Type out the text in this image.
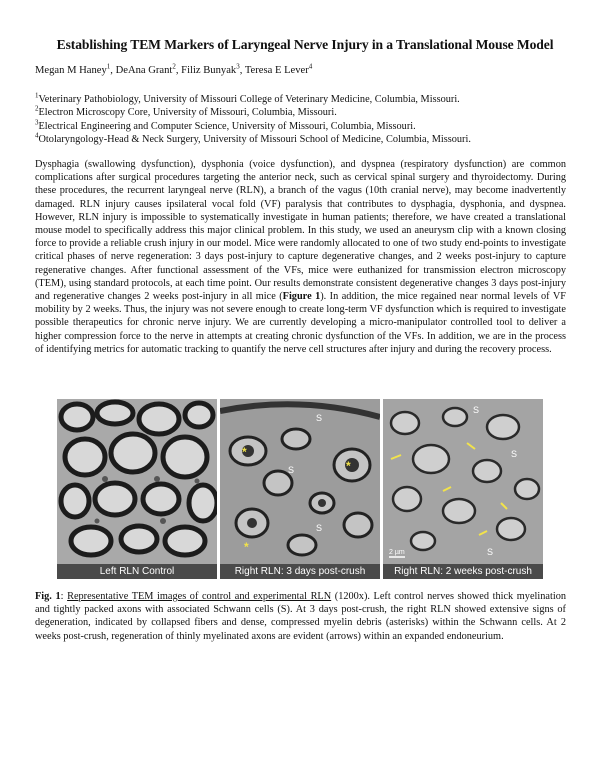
Establishing TEM Markers of Laryngeal Nerve Injury in a Translational Mouse Model

Megan M Haney$^1$, DeAna Grant$^2$, Filiz Bunyak$^3$, Teresa E Lever$^4$

$^1$Veterinary Pathobiology, University of Missouri College of Veterinary Medicine, Columbia, Missouri.
$^2$Electron Microscopy Core, University of Missouri, Columbia, Missouri.
$^3$Electrical Engineering and Computer Science, University of Missouri, Columbia, Missouri.
$^4$Otolaryngology-Head & Neck Surgery, University of Missouri School of Medicine, Columbia, Missouri.

Dysphagia (swallowing dysfunction), dysphonia (voice dysfunction), and dyspnea (respiratory dysfunction) are common complications after surgical procedures targeting the anterior neck, such as cervical spinal surgery and thyroidectomy. During these procedures, the recurrent laryngeal nerve (RLN), a branch of the vagus (10th cranial nerve), may become inadvertently damaged. RLN injury causes ipsilateral vocal fold (VF) paralysis that contributes to dysphagia, dysphonia, and dyspnea. However, RLN injury is impossible to systematically investigate in human patients; therefore, we have created a translational mouse model to specifically address this major clinical problem. In this study, we used an aneurysm clip with a known closing force to provide a reliable crush injury in our model. Mice were randomly allocated to one of two study end-points to investigate critical phases of nerve regeneration: 3 days post-injury to capture degenerative changes, and 2 weeks post-injury to capture regenerative changes. After functional assessment of the VFs, mice were euthanized for transmission electron microscopy (TEM), using standard protocols, at each time point. Our results demonstrate consistent degenerative changes 3 days post-injury and regenerative changes 2 weeks post-injury in all mice (Figure 1). In addition, the mice regained near normal levels of VF mobility by 2 weeks. Thus, the injury was not severe enough to create long-term VF dysfunction which is required to investigate possible therapeutics for chronic nerve injury. We are currently developing a micro-manipulator controlled tool to deliver a higher compression force to the nerve in attempts at creating chronic dysfunction of the VFs. In addition, we are in the process of identifying metrics for automatic tracking to quantify the nerve cell structures after injury and during the recovery process.

Left RLN Control
*
*
*
S
S
S
Right RLN: 3 days post-crush
S
S
S
2 µm
Right RLN: 2 weeks post-crush

Fig. 1: Representative TEM images of control and experimental RLN (1200x). Left control nerves showed thick myelination and tightly packed axons with associated Schwann cells (S). At 3 days post-crush, the right RLN showed extensive signs of degeneration, indicated by collapsed fibers and dense, compressed myelin debris (asterisks) within the Schwann cells. At 2 weeks post-crush, regeneration of thinly myelinated axons are evident (arrows) within an expanded endoneurium.
